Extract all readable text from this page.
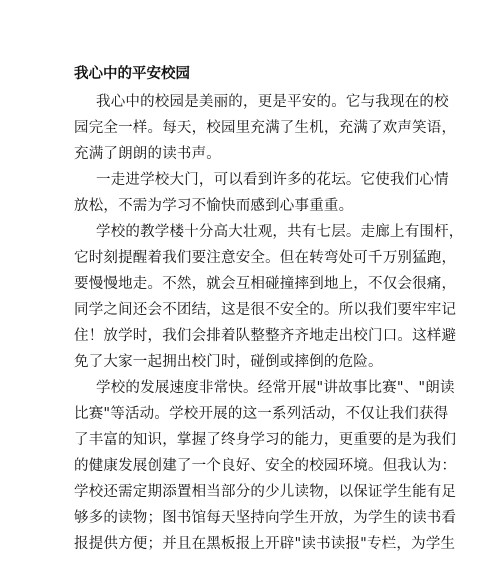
我心中的平安校园
我心中的校园是美丽的，更是平安的。它与我现在的校
园完全一样。每天，校园里充满了生机，充满了欢声笑语，
充满了朗朗的读书声。
一走进学校大门，可以看到许多的花坛。它使我们心情
放松，不需为学习不愉快而感到心事重重。
学校的教学楼十分高大壮观，共有七层。走廊上有围杆，
它时刻提醒着我们要注意安全。但在转弯处可千万别猛跑，
要慢慢地走。不然，就会互相碰撞摔到地上，不仅会很痛，
同学之间还会不团结，这是很不安全的。所以我们要牢牢记
住！放学时，我们会排着队整整齐齐地走出校门口。这样避
免了大家一起拥出校门时，碰倒或摔倒的危险。
学校的发展速度非常快。经常开展"讲故事比赛"、"朗读
比赛"等活动。学校开展的这一系列活动，不仅让我们获得
了丰富的知识，掌握了终身学习的能力，更重要的是为我们
的健康发展创建了一个良好、安全的校园环境。但我认为：
学校还需定期添置相当部分的少儿读物，以保证学生能有足
够多的读物；图书馆每天坚持向学生开放，为学生的读书看
报提供方便；并且在黑板报上开辟"读书读报"专栏，为学生
